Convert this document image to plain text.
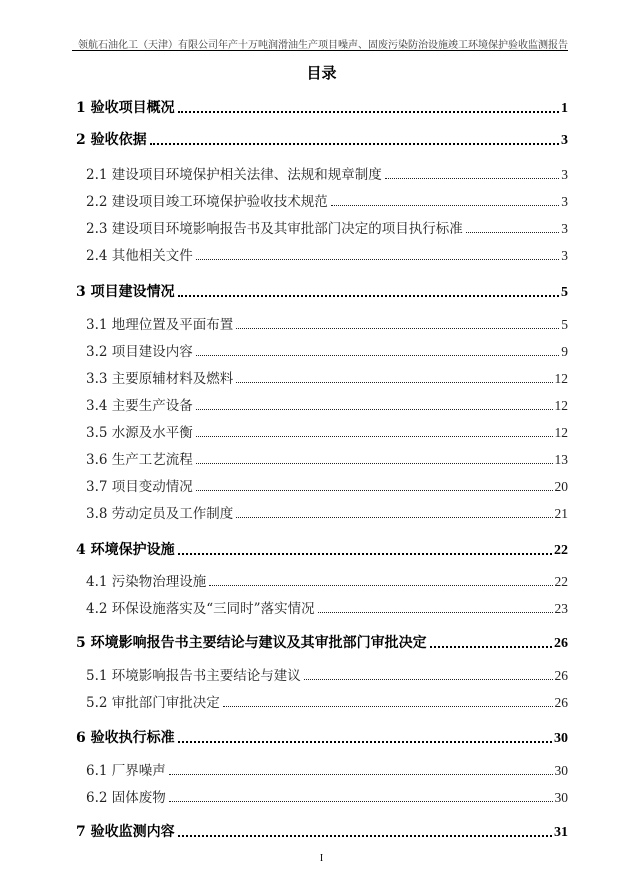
领航石油化工（天津）有限公司年产十万吨润滑油生产项目噪声、固废污染防治设施竣工环境保护验收监测报告
目录
1 验收项目概况	1
2 验收依据	3
2.1 建设项目环境保护相关法律、法规和规章制度	3
2.2 建设项目竣工环境保护验收技术规范	3
2.3 建设项目环境影响报告书及其审批部门决定的项目执行标准	3
2.4 其他相关文件	3
3 项目建设情况	5
3.1 地理位置及平面布置	5
3.2 项目建设内容	9
3.3 主要原辅材料及燃料	12
3.4 主要生产设备	12
3.5 水源及水平衡	12
3.6 生产工艺流程	13
3.7 项目变动情况	20
3.8 劳动定员及工作制度	21
4 环境保护设施	22
4.1 污染物治理设施	22
4.2 环保设施落实及“三同时”落实情况	23
5 环境影响报告书主要结论与建议及其审批部门审批决定	26
5.1 环境影响报告书主要结论与建议	26
5.2 审批部门审批决定	26
6 验收执行标准	30
6.1 厂界噪声	30
6.2 固体废物	30
7 验收监测内容	31
I
